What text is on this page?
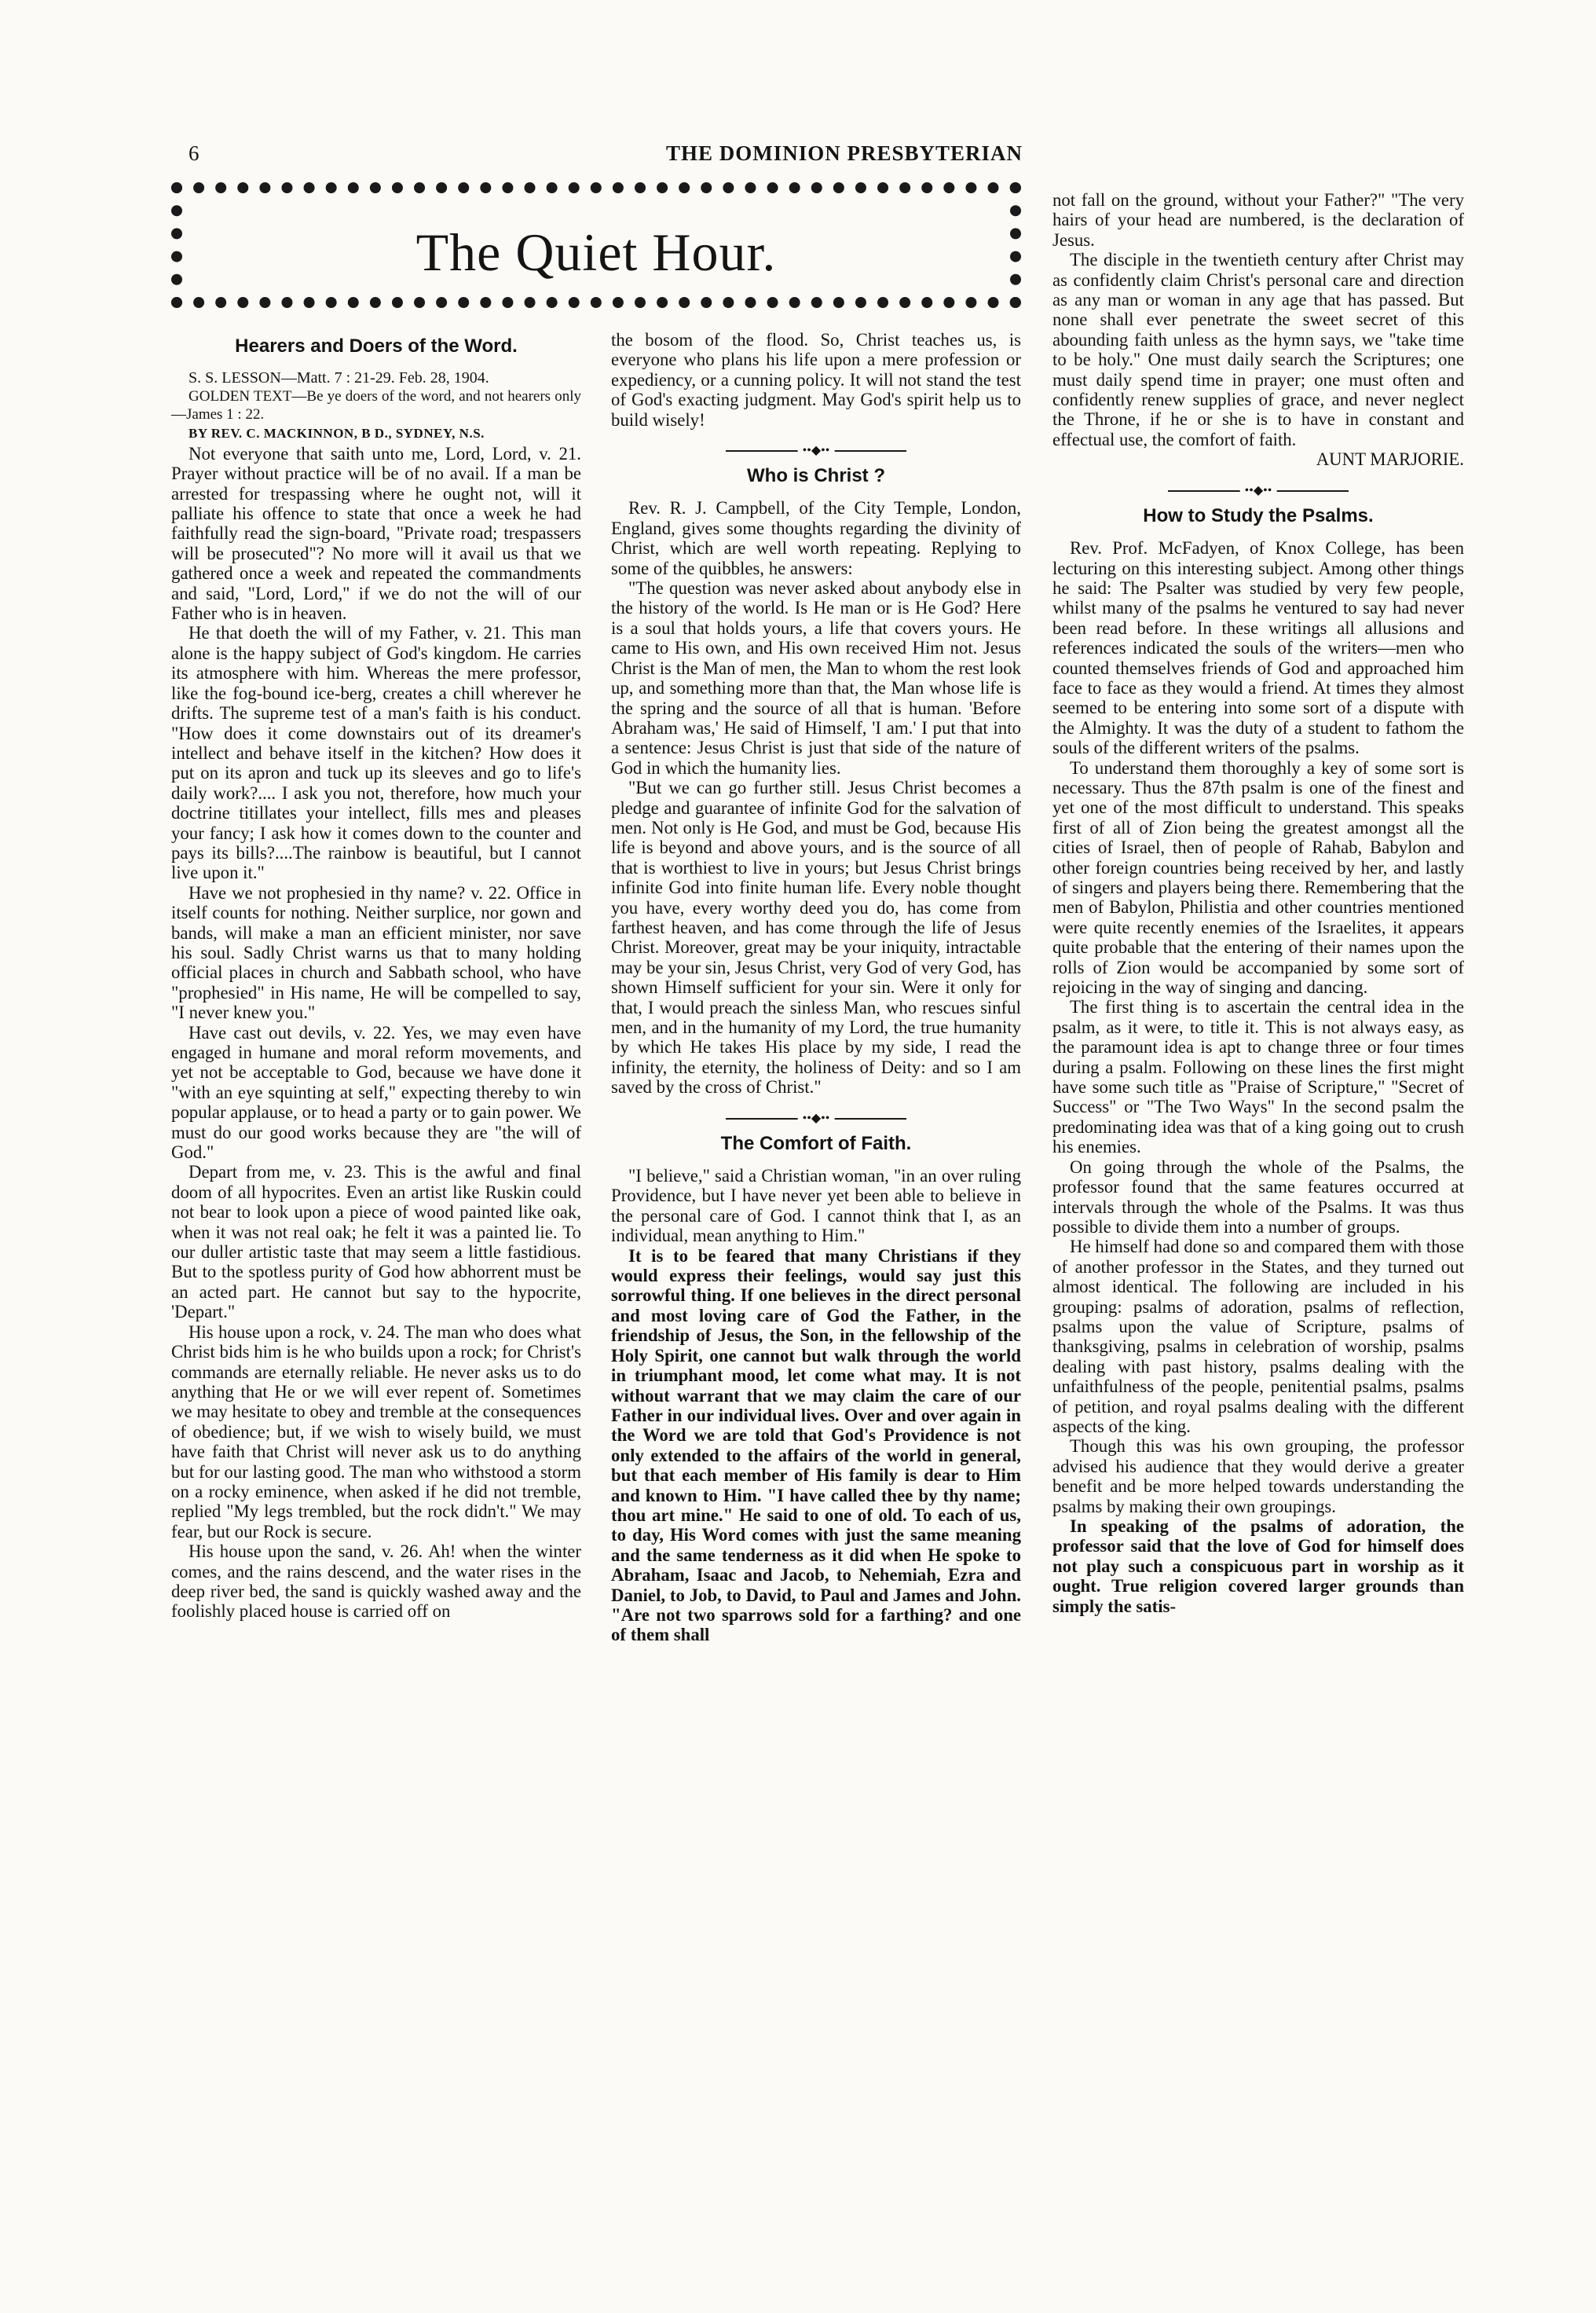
6	THE DOMINION PRESBYTERIAN
The Quiet Hour.
Hearers and Doers of the Word.

S. S. LESSON—Matt. 7 : 21-29. Feb. 28, 1904.

GOLDEN TEXT—Be ye doers of the word, and not hearers only—James 1 : 22.

BY REV. C. MACKINNON, B D., SYDNEY, N.S.

Not everyone that saith unto me, Lord, Lord, v. 21. Prayer without practice will be of no avail. If a man be arrested for trespassing where he ought not, will it palliate his offence to state that once a week he had faithfully read the sign-board, "Private road; trespassers will be prosecuted"? No more will it avail us that we gathered once a week and repeated the commandments and said, "Lord, Lord," if we do not the will of our Father who is in heaven.

He that doeth the will of my Father, v. 21. This man alone is the happy subject of God's kingdom. He carries its atmosphere with him. Whereas the mere professor, like the fog-bound ice-berg, creates a chill wherever he drifts. The supreme test of a man's faith is his conduct. "How does it come downstairs out of its dreamer's intellect and behave itself in the kitchen? How does it put on its apron and tuck up its sleeves and go to life's daily work?.... I ask you not, therefore, how much your doctrine titillates your intellect, fills mes and pleases your fancy; I ask how it comes down to the counter and pays its bills?....The rainbow is beautiful, but I cannot live upon it."

Have we not prophesied in thy name? v. 22. Office in itself counts for nothing. Neither surplice, nor gown and bands, will make a man an efficient minister, nor save his soul. Sadly Christ warns us that to many holding official places in church and Sabbath school, who have "prophesied" in His name, He will be compelled to say, "I never knew you."

Have cast out devils, v. 22. Yes, we may even have engaged in humane and moral reform movements, and yet not be acceptable to God, because we have done it "with an eye squinting at self," expecting thereby to win popular applause, or to head a party or to gain power. We must do our good works because they are "the will of God."

Depart from me, v. 23. This is the awful and final doom of all hypocrites. Even an artist like Ruskin could not bear to look upon a piece of wood painted like oak, when it was not real oak; he felt it was a painted lie. To our duller artistic taste that may seem a little fastidious. But to the spotless purity of God how abhorrent must be an acted part. He cannot but say to the hypocrite, 'Depart."

His house upon a rock, v. 24. The man who does what Christ bids him is he who builds upon a rock; for Christ's commands are eternally reliable. He never asks us to do anything that He or we will ever repent of. Sometimes we may hesitate to obey and tremble at the consequences of obedience; but, if we wish to wisely build, we must have faith that Christ will never ask us to do anything but for our lasting good. The man who withstood a storm on a rocky eminence, when asked if he did not tremble, replied "My legs trembled, but the rock didn't." We may fear, but our Rock is secure.

His house upon the sand, v. 26. Ah! when the winter comes, and the rains descend, and the water rises in the deep river bed, the sand is quickly washed away and the foolishly placed house is carried off on

the bosom of the flood. So, Christ teaches us, is everyone who plans his life upon a mere profession or expediency, or a cunning policy. It will not stand the test of God's exacting judgment. May God's spirit help us to build wisely!

••◆••
Who is Christ ?

Rev. R. J. Campbell, of the City Temple, London, England, gives some thoughts regarding the divinity of Christ, which are well worth repeating. Replying to some of the quibbles, he answers:

"The question was never asked about anybody else in the history of the world. Is He man or is He God? Here is a soul that holds yours, a life that covers yours. He came to His own, and His own received Him not. Jesus Christ is the Man of men, the Man to whom the rest look up, and something more than that, the Man whose life is the spring and the source of all that is human. 'Before Abraham was,' He said of Himself, 'I am.' I put that into a sentence: Jesus Christ is just that side of the nature of God in which the humanity lies.

"But we can go further still. Jesus Christ becomes a pledge and guarantee of infinite God for the salvation of men. Not only is He God, and must be God, because His life is beyond and above yours, and is the source of all that is worthiest to live in yours; but Jesus Christ brings infinite God into finite human life. Every noble thought you have, every worthy deed you do, has come from farthest heaven, and has come through the life of Jesus Christ. Moreover, great may be your iniquity, intractable may be your sin, Jesus Christ, very God of very God, has shown Himself sufficient for your sin. Were it only for that, I would preach the sinless Man, who rescues sinful men, and in the humanity of my Lord, the true humanity by which He takes His place by my side, I read the infinity, the eternity, the holiness of Deity: and so I am saved by the cross of Christ."

••◆••
The Comfort of Faith.

"I believe," said a Christian woman, "in an over ruling Providence, but I have never yet been able to believe in the personal care of God. I cannot think that I, as an individual, mean anything to Him."

It is to be feared that many Christians if they would express their feelings, would say just this sorrowful thing. If one believes in the direct personal and most loving care of God the Father, in the friendship of Jesus, the Son, in the fellowship of the Holy Spirit, one cannot but walk through the world in triumphant mood, let come what may. It is not without warrant that we may claim the care of our Father in our individual lives. Over and over again in the Word we are told that God's Providence is not only extended to the affairs of the world in general, but that each member of His family is dear to Him and known to Him. "I have called thee by thy name; thou art mine." He said to one of old. To each of us, to day, His Word comes with just the same meaning and the same tenderness as it did when He spoke to Abraham, Isaac and Jacob, to Nehemiah, Ezra and Daniel, to Job, to David, to Paul and James and John. "Are not two sparrows sold for a farthing? and one of them shall

not fall on the ground, without your Father?" "The very hairs of your head are numbered, is the declaration of Jesus.

The disciple in the twentieth century after Christ may as confidently claim Christ's personal care and direction as any man or woman in any age that has passed. But none shall ever penetrate the sweet secret of this abounding faith unless as the hymn says, we "take time to be holy." One must daily search the Scriptures; one must daily spend time in prayer; one must often and confidently renew supplies of grace, and never neglect the Throne, if he or she is to have in constant and effectual use, the comfort of faith.

AUNT MARJORIE.
••◆••
How to Study the Psalms.

Rev. Prof. McFadyen, of Knox College, has been lecturing on this interesting subject. Among other things he said: The Psalter was studied by very few people, whilst many of the psalms he ventured to say had never been read before. In these writings all allusions and references indicated the souls of the writers—men who counted themselves friends of God and approached him face to face as they would a friend. At times they almost seemed to be entering into some sort of a dispute with the Almighty. It was the duty of a student to fathom the souls of the different writers of the psalms.

To understand them thoroughly a key of some sort is necessary. Thus the 87th psalm is one of the finest and yet one of the most difficult to understand. This speaks first of all of Zion being the greatest amongst all the cities of Israel, then of people of Rahab, Babylon and other foreign countries being received by her, and lastly of singers and players being there. Remembering that the men of Babylon, Philistia and other countries mentioned were quite recently enemies of the Israelites, it appears quite probable that the entering of their names upon the rolls of Zion would be accompanied by some sort of rejoicing in the way of singing and dancing.

The first thing is to ascertain the central idea in the psalm, as it were, to title it. This is not always easy, as the paramount idea is apt to change three or four times during a psalm. Following on these lines the first might have some such title as "Praise of Scripture," "Secret of Success" or "The Two Ways" In the second psalm the predominating idea was that of a king going out to crush his enemies.

On going through the whole of the Psalms, the professor found that the same features occurred at intervals through the whole of the Psalms. It was thus possible to divide them into a number of groups.

He himself had done so and compared them with those of another professor in the States, and they turned out almost identical. The following are included in his grouping: psalms of adoration, psalms of reflection, psalms upon the value of Scripture, psalms of thanksgiving, psalms in celebration of worship, psalms dealing with past history, psalms dealing with the unfaithfulness of the people, penitential psalms, psalms of petition, and royal psalms dealing with the different aspects of the king.

Though this was his own grouping, the professor advised his audience that they would derive a greater benefit and be more helped towards understanding the psalms by making their own groupings.

In speaking of the psalms of adoration, the professor said that the love of God for himself does not play such a conspicuous part in worship as it ought. True religion covered larger grounds than simply the satis-
